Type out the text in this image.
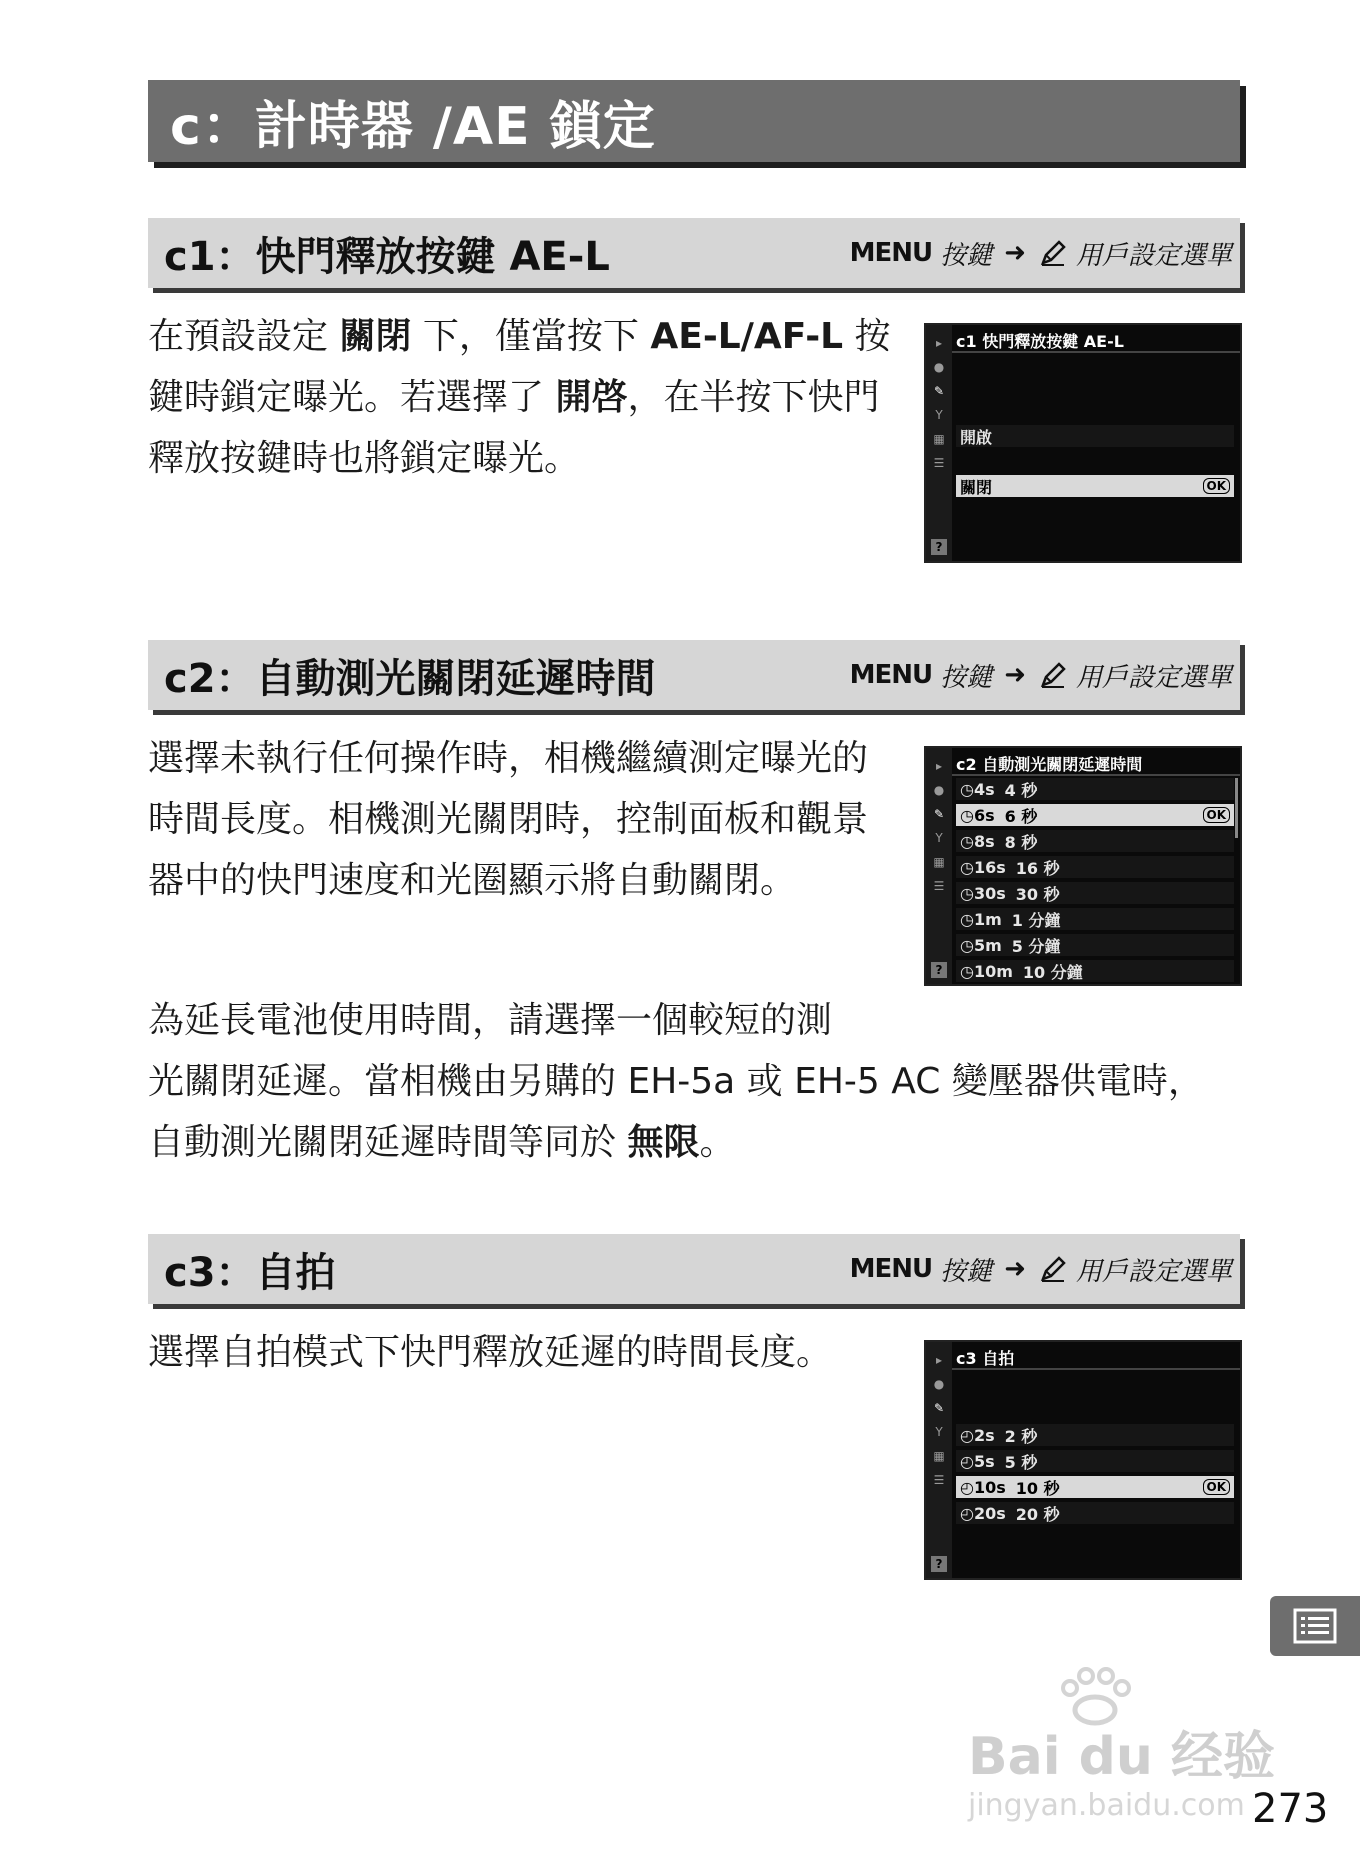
c：計時器 /AE 鎖定
c1：快門釋放按鍵 AE-L	MENU 按鍵 ➜ 用戶設定選單
在預設設定 關閉 下，僅當按下 AE-L/AF-L 按鍵時鎖定曝光。若選擇了 開啓，在半按下快門釋放按鍵時也將鎖定曝光。
▸
●
✎
Y
▦
☰
?
c1 快門釋放按鍵 AE-L
開啟
關閉	OK
c2：自動測光關閉延遲時間	MENU 按鍵 ➜ 用戶設定選單
選擇未執行任何操作時，相機繼續測定曝光的時間長度。相機測光關閉時，控制面板和觀景器中的快門速度和光圈顯示將自動關閉。
▸
●
✎
Y
▦
☰
?
c2 自動測光關閉延遲時間
◷4s 4 秒
◷6s 6 秒	OK
◷8s 8 秒
◷16s 16 秒
◷30s 30 秒
◷1m 1 分鐘
◷5m 5 分鐘
◷10m 10 分鐘
為延長電池使用時間，請選擇一個較短的測
光關閉延遲。當相機由另購的 EH-5a 或 EH-5 AC 變壓器供電時，
自動測光關閉延遲時間等同於 無限。
c3：自拍	MENU 按鍵 ➜ 用戶設定選單
選擇自拍模式下快門釋放延遲的時間長度。	▸
●
✎
Y
▦
☰
?
c3 自拍
◴2s 2 秒
◴5s 5 秒
◴10s 10 秒	OK
◴20s 20 秒
Bai du 经验
jingyan.baidu.com 273
